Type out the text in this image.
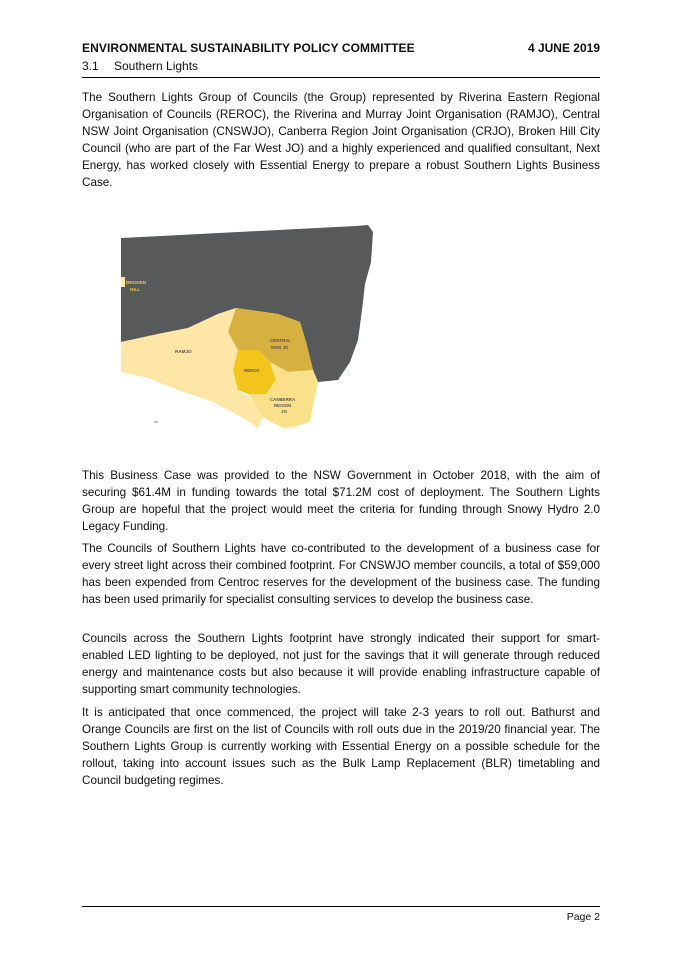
ENVIRONMENTAL SUSTAINABILITY POLICY COMMITTEE	4 JUNE 2019
3.1 Southern Lights

The Southern Lights Group of Councils (the Group) represented by Riverina Eastern Regional Organisation of Councils (REROC), the Riverina and Murray Joint Organisation (RAMJO), Central NSW Joint Organisation (CNSWJO), Canberra Region Joint Organisation (CRJO), Broken Hill City Council (who are part of the Far West JO) and a highly experienced and qualified consultant, Next Energy, has worked closely with Essential Energy to prepare a robust Southern Lights Business Case.

BROKEN
HILL
RAMJO
CENTRAL
NSW JO
REROC
CANBERRA
REGION
JO

This Business Case was provided to the NSW Government in October 2018, with the aim of securing $61.4M in funding towards the total $71.2M cost of deployment. The Southern Lights Group are hopeful that the project would meet the criteria for funding through Snowy Hydro 2.0 Legacy Funding.

The Councils of Southern Lights have co-contributed to the development of a business case for every street light across their combined footprint. For CNSWJO member councils, a total of $59,000 has been expended from Centroc reserves for the development of the business case. The funding has been used primarily for specialist consulting services to develop the business case.

Councils across the Southern Lights footprint have strongly indicated their support for smart-enabled LED lighting to be deployed, not just for the savings that it will generate through reduced energy and maintenance costs but also because it will provide enabling infrastructure capable of supporting smart community technologies.

It is anticipated that once commenced, the project will take 2-3 years to roll out. Bathurst and Orange Councils are first on the list of Councils with roll outs due in the 2019/20 financial year. The Southern Lights Group is currently working with Essential Energy on a possible schedule for the rollout, taking into account issues such as the Bulk Lamp Replacement (BLR) timetabling and Council budgeting regimes.

Page 2
